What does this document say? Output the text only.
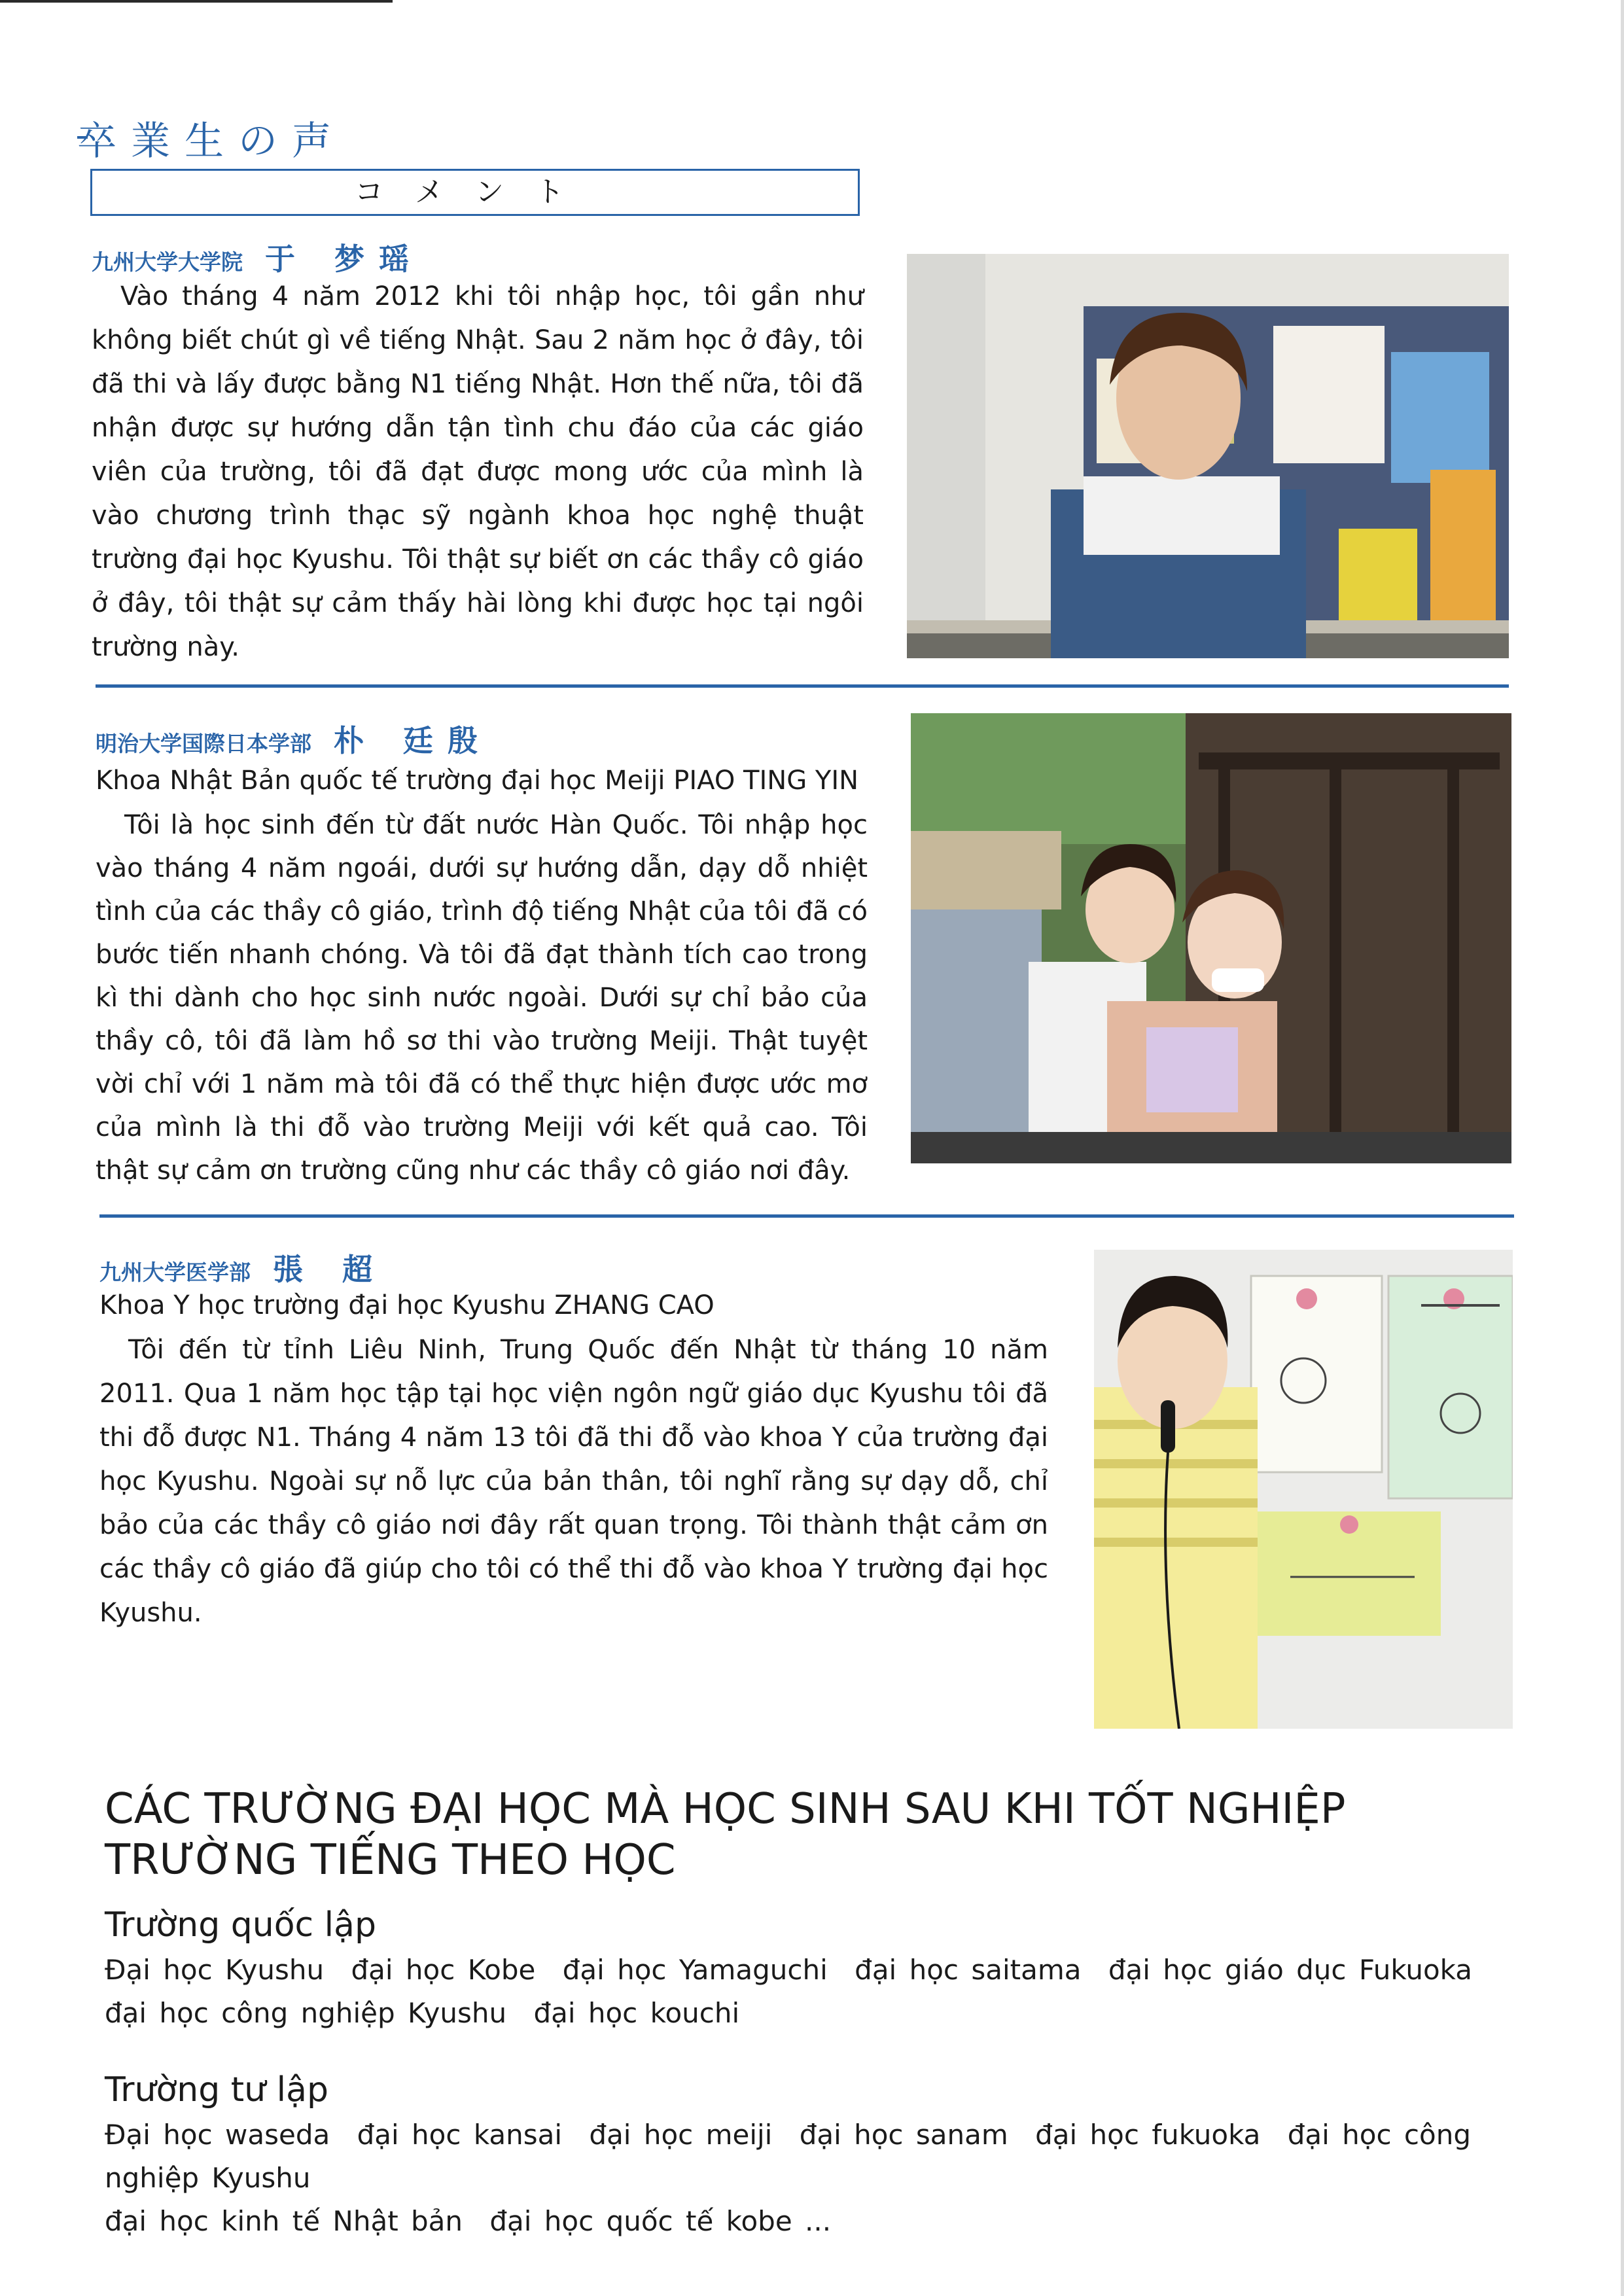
卒業生の声
コメント
九州大学大学院 于 梦瑶
Vào tháng 4 năm 2012 khi tôi nhập học, tôi gần như không biết chút gì về tiếng Nhật. Sau 2 năm học ở đây, tôi đã thi và lấy được bằng N1 tiếng Nhật. Hơn thế nữa, tôi đã nhận được sự hướng dẫn tận tình chu đáo của các giáo viên của trường, tôi đã đạt được mong ước của mình là vào chương trình thạc sỹ ngành khoa học nghệ thuật trường đại học Kyushu. Tôi thật sự biết ơn các thầy cô giáo ở đây, tôi thật sự cảm thấy hài lòng khi được học tại ngôi trường này.
明治大学国際日本学部 朴 廷殷
Khoa Nhật Bản quốc tế trường đại học Meiji PIAO TING YIN
Tôi là học sinh đến từ đất nước Hàn Quốc. Tôi nhập học vào tháng 4 năm ngoái, dưới sự hướng dẫn, dạy dỗ nhiệt tình của các thầy cô giáo, trình độ tiếng Nhật của tôi đã có bước tiến nhanh chóng. Và tôi đã đạt thành tích cao trong kì thi dành cho học sinh nước ngoài. Dưới sự chỉ bảo của thầy cô, tôi đã làm hồ sơ thi vào trường Meiji. Thật tuyệt vời chỉ với 1 năm mà tôi đã có thể thực hiện được ước mơ của mình là thi đỗ vào trường Meiji với kết quả cao. Tôi thật sự cảm ơn trường cũng như các thầy cô giáo nơi đây.
九州大学医学部 張 超
Khoa Y học trường đại học Kyushu ZHANG CAO
Tôi đến từ tỉnh Liêu Ninh, Trung Quốc đến Nhật từ tháng 10 năm 2011. Qua 1 năm học tập tại học viện ngôn ngữ giáo dục Kyushu tôi đã thi đỗ được N1. Tháng 4 năm 13 tôi đã thi đỗ vào khoa Y của trường đại học Kyushu. Ngoài sự nỗ lực của bản thân, tôi nghĩ rằng sự dạy dỗ, chỉ bảo của các thầy cô giáo nơi đây rất quan trọng. Tôi thành thật cảm ơn các thầy cô giáo đã giúp cho tôi có thể thi đỗ vào khoa Y trường đại học Kyushu.
CÁC TRƯỜNG ĐẠI HỌC MÀ HỌC SINH SAU KHI TỐT NGHIỆP TRƯỜNG TIẾNG THEO HỌC
Trường quốc lập
Đại học Kyushu đại học Kobe đại học Yamaguchi đại học saitama đại học giáo dục Fukuoka
đại học công nghiệp Kyushu đại học kouchi
Trường tư lập
Đại học waseda đại học kansai đại học meiji đại học sanam đại học fukuoka đại học công nghiệp Kyushu
đại học kinh tế Nhật bản đại học quốc tế kobe ...
